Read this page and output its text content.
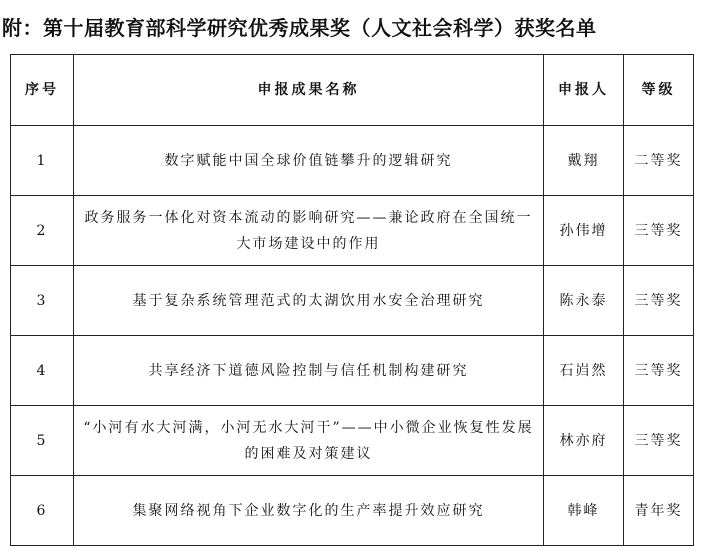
附：第十届教育部科学研究优秀成果奖（人文社会科学）获奖名单
序号	申报成果名称	申报人	等级
1	数字赋能中国全球价值链攀升的逻辑研究	戴翔	二等奖
2	政务服务一体化对资本流动的影响研究——兼论政府在全国统一大市场建设中的作用	孙伟增	三等奖
3	基于复杂系统管理范式的太湖饮用水安全治理研究	陈永泰	三等奖
4	共享经济下道德风险控制与信任机制构建研究	石岿然	三等奖
5	“小河有水大河满，小河无水大河干”——中小微企业恢复性发展的困难及对策建议	林亦府	三等奖
6	集聚网络视角下企业数字化的生产率提升效应研究	韩峰	青年奖
